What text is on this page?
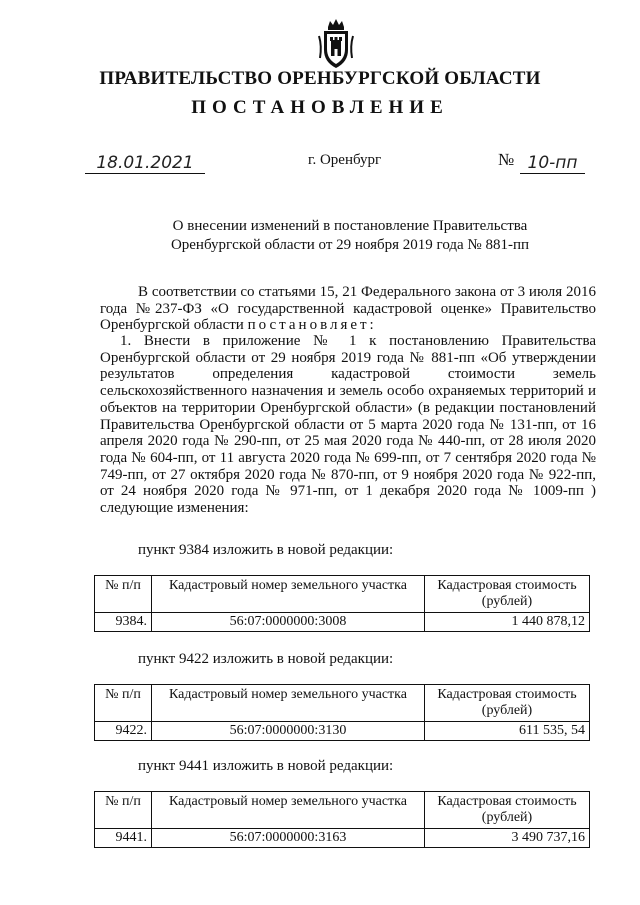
ПРАВИТЕЛЬСТВО ОРЕНБУРГСКОЙ ОБЛАСТИ
ПОСТАНОВЛЕНИЕ
18.01.2021	г. Оренбург	№ 10-пп
О внесении изменений в постановление Правительства
Оренбургской области от 29 ноября 2019 года № 881-пп
В соответствии со статьями 15, 21 Федерального закона от 3 июля 2016 года №237-ФЗ «О государственной кадастровой оценке» Правительство Оренбургской области постановляет:
1. Внести в приложение № 1 к постановлению Правительства Оренбургской области от 29 ноября 2019 года № 881-пп «Об утверждении результатов определения кадастровой стоимости земель сельскохозяйственного назначения и земель особо охраняемых территорий и объектов на территории Оренбургской области» (в редакции постановлений Правительства Оренбургской области от 5 марта 2020 года № 131-пп, от 16 апреля 2020 года № 290-пп, от 25 мая 2020 года № 440-пп, от 28 июля 2020 года № 604-пп, от 11 августа 2020 года № 699-пп, от 7 сентября 2020 года № 749-пп, от 27 октября 2020 года № 870-пп, от 9 ноября 2020 года № 922-пп, от 24 ноября 2020 года № 971-пп, от 1 декабря 2020 года № 1009-пп ) следующие изменения:
пункт 9384 изложить в новой редакции:
№ п/п	Кадастровый номер земельного участка	Кадастровая стоимость (рублей)
9384.	56:07:0000000:3008	1 440 878,12
пункт 9422 изложить в новой редакции:
№ п/п	Кадастровый номер земельного участка	Кадастровая стоимость (рублей)
9422.	56:07:0000000:3130	611 535, 54
пункт 9441 изложить в новой редакции:
№ п/п	Кадастровый номер земельного участка	Кадастровая стоимость (рублей)
9441.	56:07:0000000:3163	3 490 737,16
